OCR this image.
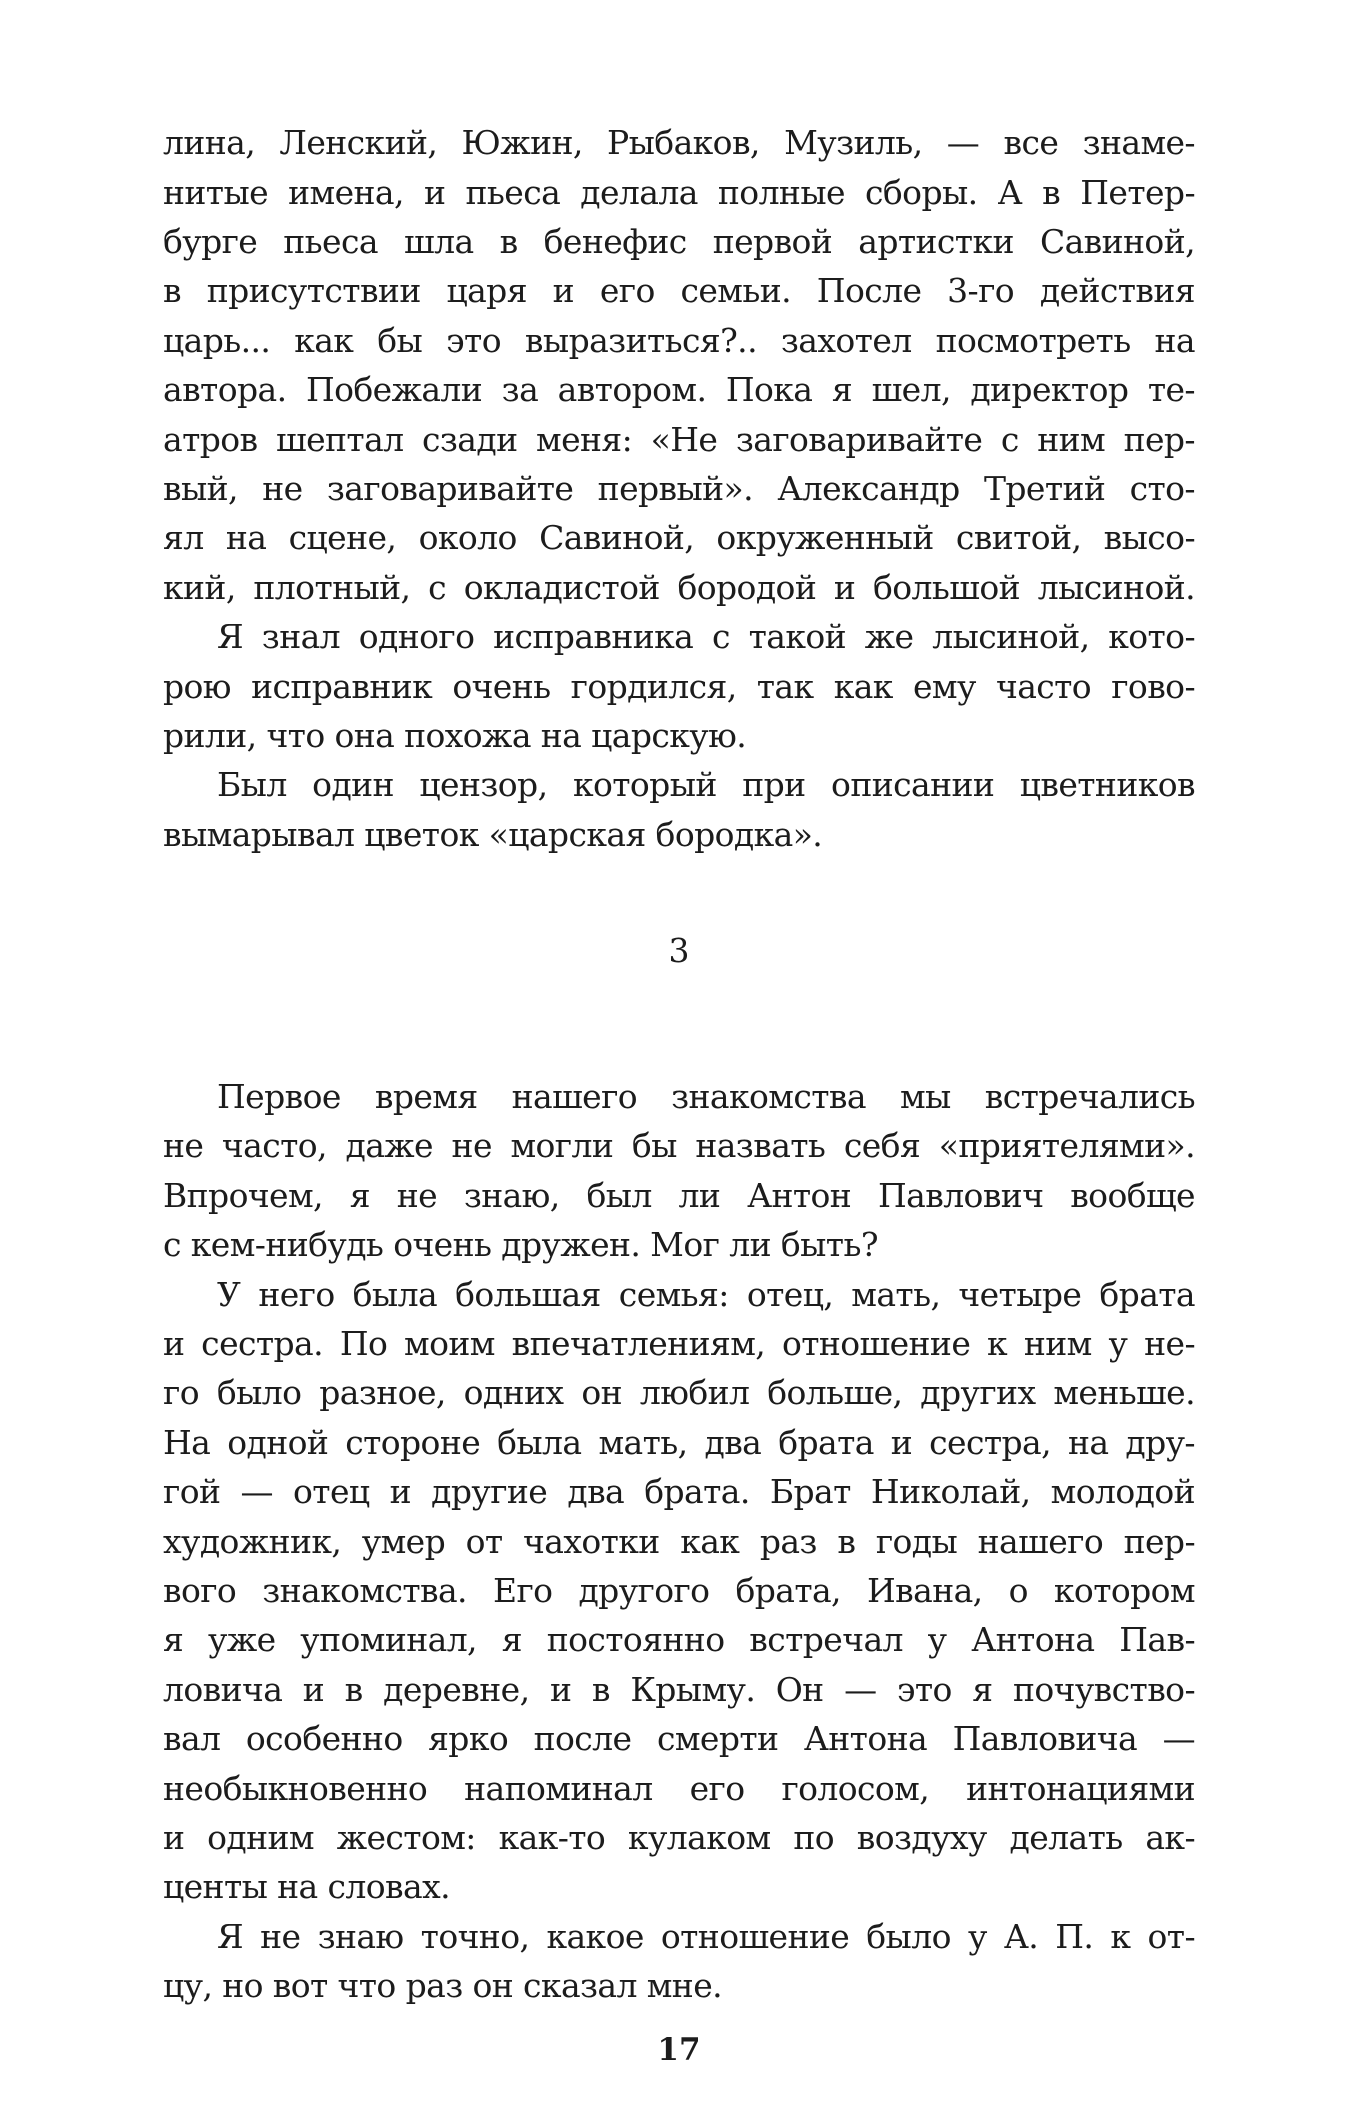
лина, Ленский, Южин, Рыбаков, Музиль, — все знаме-
нитые имена, и пьеса делала полные сборы. А в Петер-
бурге пьеса шла в бенефис первой артистки Савиной,
в присутствии царя и его семьи. После 3-го действия
царь... как бы это выразиться?.. захотел посмотреть на
автора. Побежали за автором. Пока я шел, директор те-
атров шептал сзади меня: «Не заговаривайте с ним пер-
вый, не заговаривайте первый». Александр Третий сто-
ял на сцене, около Савиной, окруженный свитой, высо-
кий, плотный, с окладистой бородой и большой лысиной.
Я знал одного исправника с такой же лысиной, кото-
рою исправник очень гордился, так как ему часто гово-
рили, что она похожа на царскую.
Был один цензор, который при описании цветников
вымарывал цветок «царская бородка».
3
Первое время нашего знакомства мы встречались
не часто, даже не могли бы назвать себя «приятелями».
Впрочем, я не знаю, был ли Антон Павлович вообще
с кем-нибудь очень дружен. Мог ли быть?
У него была большая семья: отец, мать, четыре брата
и сестра. По моим впечатлениям, отношение к ним у не-
го было разное, одних он любил больше, других меньше.
На одной стороне была мать, два брата и сестра, на дру-
гой — отец и другие два брата. Брат Николай, молодой
художник, умер от чахотки как раз в годы нашего пер-
вого знакомства. Его другого брата, Ивана, о котором
я уже упоминал, я постоянно встречал у Антона Пав-
ловича и в деревне, и в Крыму. Он — это я почувство-
вал особенно ярко после смерти Антона Павловича —
необыкновенно напоминал его голосом, интонациями
и одним жестом: как-то кулаком по воздуху делать ак-
центы на словах.
Я не знаю точно, какое отношение было у А. П. к от-
цу, но вот что раз он сказал мне.
17
